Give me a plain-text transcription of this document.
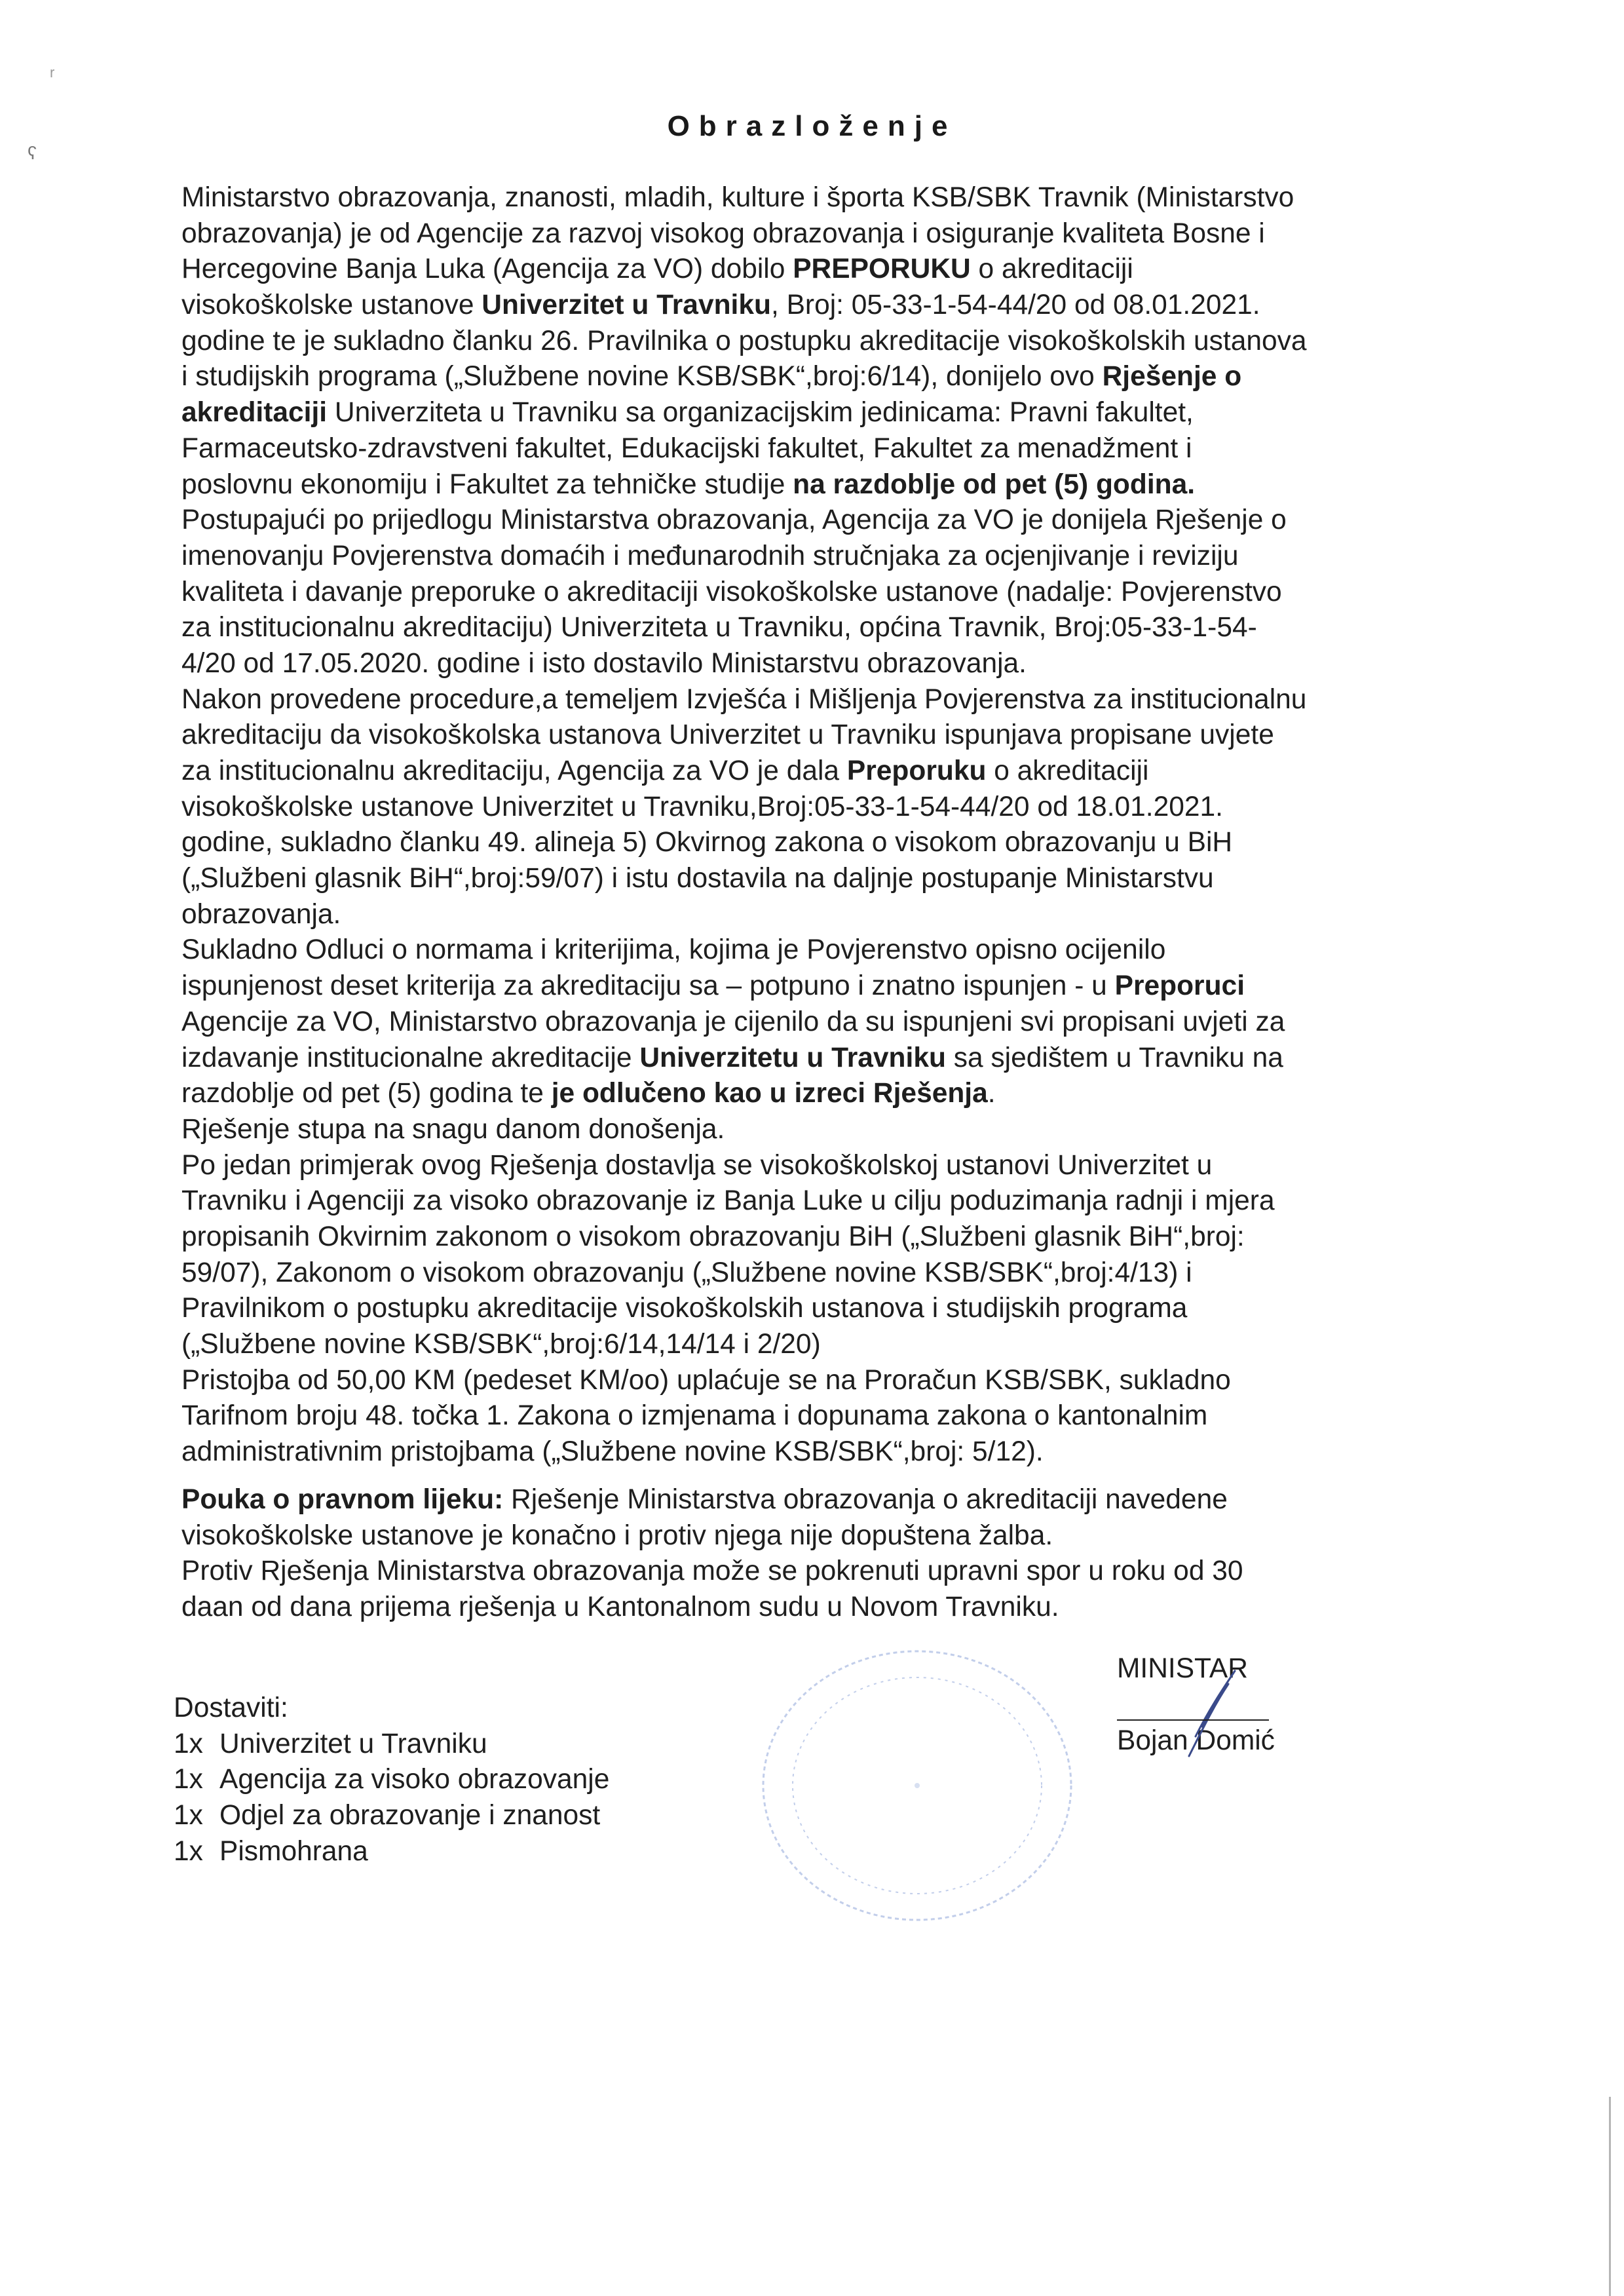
r
ʕ
Obrazloženje
Ministarstvo obrazovanja, znanosti, mladih, kulture i športa KSB/SBK Travnik (Ministarstvo
obrazovanja) je od Agencije za razvoj visokog obrazovanja i osiguranje kvaliteta Bosne i
Hercegovine Banja Luka (Agencija za VO) dobilo PREPORUKU o akreditaciji
visokoškolske ustanove Univerzitet u Travniku, Broj: 05-33-1-54-44/20 od 08.01.2021.
godine te je sukladno članku 26. Pravilnika o postupku akreditacije visokoškolskih ustanova
i studijskih programa („Službene novine KSB/SBK“,broj:6/14), donijelo ovo Rješenje o
akreditaciji Univerziteta u Travniku sa organizacijskim jedinicama: Pravni fakultet,
Farmaceutsko-zdravstveni fakultet, Edukacijski fakultet, Fakultet za menadžment i
poslovnu ekonomiju i Fakultet za tehničke studije na razdoblje od pet (5) godina.
Postupajući po prijedlogu Ministarstva obrazovanja, Agencija za VO je donijela Rješenje o
imenovanju Povjerenstva domaćih i međunarodnih stručnjaka za ocjenjivanje i reviziju
kvaliteta i davanje preporuke o akreditaciji visokoškolske ustanove (nadalje: Povjerenstvo
za institucionalnu akreditaciju) Univerziteta u Travniku, općina Travnik, Broj:05-33-1-54-
4/20 od 17.05.2020. godine i isto dostavilo Ministarstvu obrazovanja.
Nakon provedene procedure,a temeljem Izvješća i Mišljenja Povjerenstva za institucionalnu
akreditaciju da visokoškolska ustanova Univerzitet u Travniku ispunjava propisane uvjete
za institucionalnu akreditaciju, Agencija za VO je dala Preporuku o akreditaciji
visokoškolske ustanove Univerzitet u Travniku,Broj:05-33-1-54-44/20 od 18.01.2021.
godine, sukladno članku 49. alineja 5) Okvirnog zakona o visokom obrazovanju u BiH
(„Službeni glasnik BiH“,broj:59/07) i istu dostavila na daljnje postupanje Ministarstvu
obrazovanja.
Sukladno Odluci o normama i kriterijima, kojima je Povjerenstvo opisno ocijenilo
ispunjenost deset kriterija za akreditaciju sa – potpuno i znatno ispunjen - u Preporuci
Agencije za VO, Ministarstvo obrazovanja je cijenilo da su ispunjeni svi propisani uvjeti za
izdavanje institucionalne akreditacije Univerzitetu u Travniku sa sjedištem u Travniku na
razdoblje od pet (5) godina te je odlučeno kao u izreci Rješenja.
Rješenje stupa na snagu danom donošenja.
Po jedan primjerak ovog Rješenja dostavlja se visokoškolskoj ustanovi Univerzitet u
Travniku i Agenciji za visoko obrazovanje iz Banja Luke u cilju poduzimanja radnji i mjera
propisanih Okvirnim zakonom o visokom obrazovanju BiH („Službeni glasnik BiH“,broj:
59/07), Zakonom o visokom obrazovanju („Službene novine KSB/SBK“,broj:4/13) i
Pravilnikom o postupku akreditacije visokoškolskih ustanova i studijskih programa
(„Službene novine KSB/SBK“,broj:6/14,14/14 i 2/20)
Pristojba od 50,00 KM (pedeset KM/oo) uplaćuje se na Proračun KSB/SBK, sukladno
Tarifnom broju 48. točka 1. Zakona o izmjenama i dopunama zakona o kantonalnim
administrativnim pristojbama („Službene novine KSB/SBK“,broj: 5/12).
Pouka o pravnom lijeku: Rješenje Ministarstva obrazovanja o akreditaciji navedene
visokoškolske ustanove je konačno i protiv njega nije dopuštena žalba.
Protiv Rješenja Ministarstva obrazovanja može se pokrenuti upravni spor u roku od 30
daan od dana prijema rješenja u Kantonalnom sudu u Novom Travniku.
MINISTAR
Bojan Domić
Dostaviti:
1x Univerzitet u Travniku
1x Agencija za visoko obrazovanje
1x Odjel za obrazovanje i znanost
1x Pismohrana
